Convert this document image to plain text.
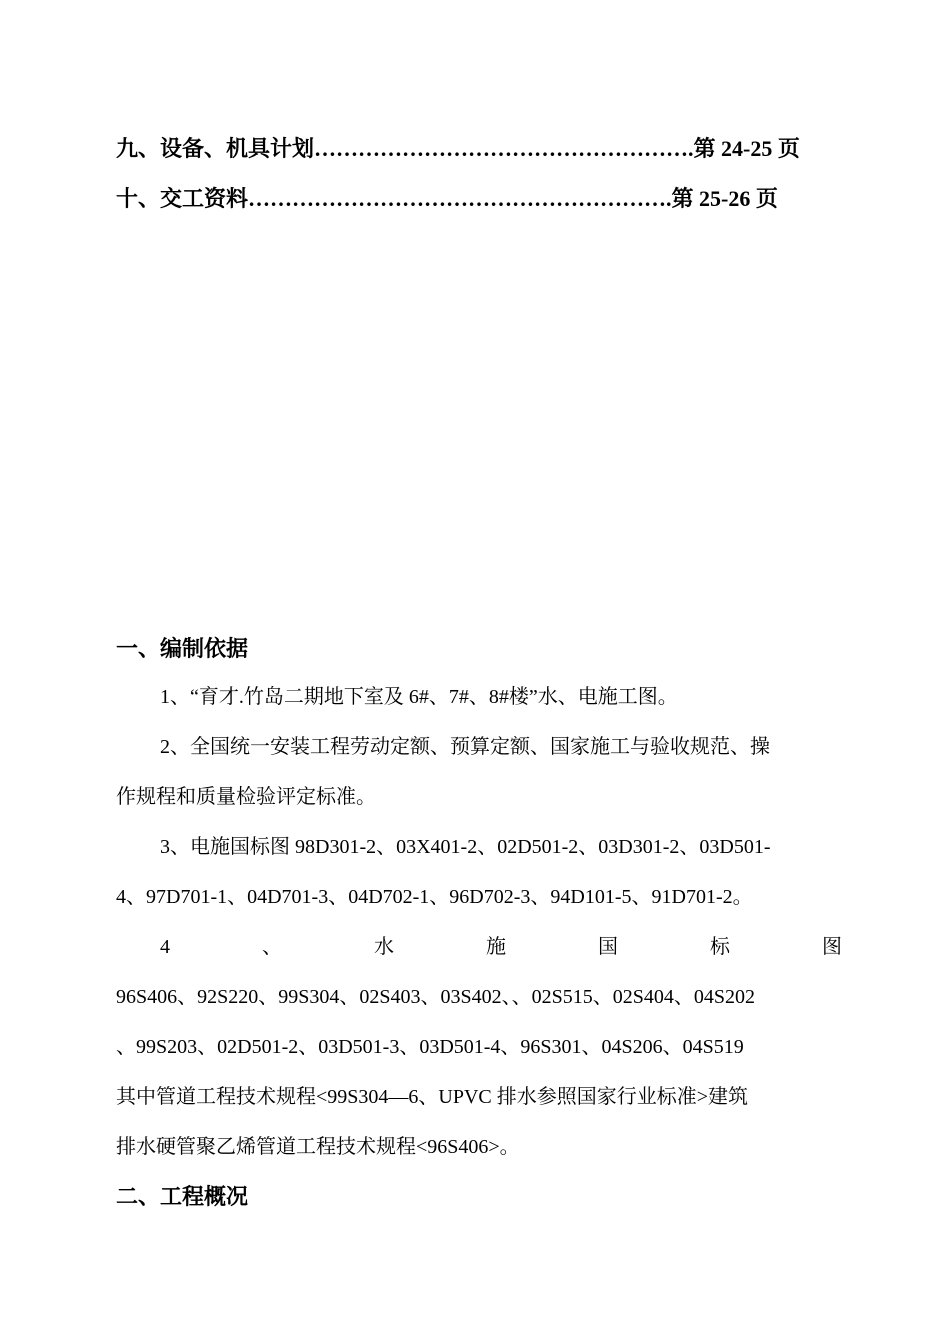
九、设备、机具计划…………………………………………….第 24-25 页
十、交工资料………………………………………………….第 25-26 页
一、编制依据
1、“育才.竹岛二期地下室及 6#、7#、8#楼”水、电施工图。
2、全国统一安装工程劳动定额、预算定额、国家施工与验收规范、操
作规程和质量检验评定标准。
3、电施国标图 98D301-2、03X401-2、02D501-2、03D301-2、03D501-
4、97D701-1、04D701-3、04D702-1、96D702-3、94D101-5、91D701-2。
4	、	水	施	国	标	图
96S406、92S220、99S304、02S403、03S402、、02S515、02S404、04S202
、99S203、02D501-2、03D501-3、03D501-4、96S301、04S206、04S519
其中管道工程技术规程<99S304—6、UPVC 排水参照国家行业标准>建筑
排水硬管聚乙烯管道工程技术规程<96S406>。
二、工程概况
